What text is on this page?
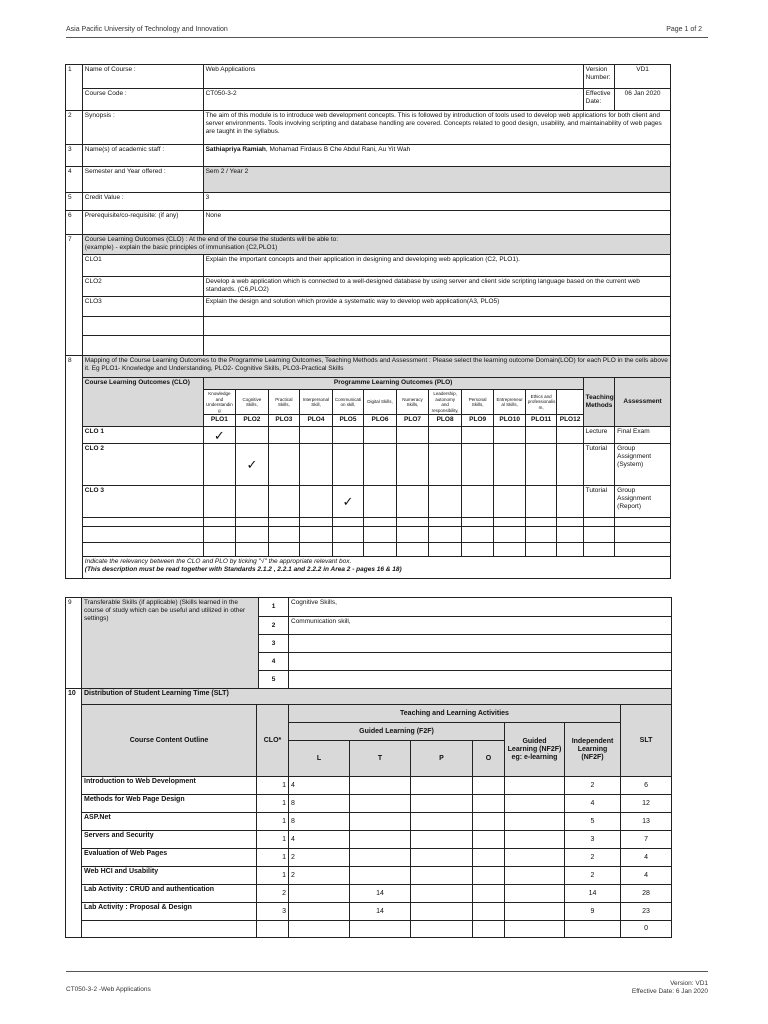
Asia Pacific University of Technology and Innovation	Page 1 of 2
1	Name of Course :	Web Applications												Version Number:	VD1
	Course Code :	CT050-3-2												Effective Date:	06 Jan 2020
2	Synopsis :	The aim of this module is to introduce web development concepts. This is followed by introduction of tools used to develop web applications for both client and server environments. Tools involving scripting and database handling are covered. Concepts related to good design, usability, and maintainability of web pages are taught in the syllabus.													
3	Name(s) of academic staff :	Sathiapriya Ramiah, Mohamad Firdaus B Che Abdul Rani, Au Yit Wah													
4	Semester and Year offered :	Sem 2 / Year 2													
5	Credit Value :	3													
6	Prerequisite/co-requisite: (if any)	None													
7	Course Learning Outcomes (CLO) : At the end of the course the students will be able to:
(example) - explain the basic principles of immunisation (C2,PLO1)														

	CLO1	Explain the important concepts and their application in designing and developing web application (C2, PLO1).													
	CLO2	Develop a web application which is connected to a well-designed database by using server and client side scripting language based on the current web standards. (C6,PLO2)													
	CLO3	Explain the design and solution which provide a systematic way to develop web application(A3, PLO5)													

8	Mapping of the Course Learning Outcomes to the Programme Learning Outcomes, Teaching Methods and Assessment : Please select the learning outcome Domain(LOD) for each PLO in the cells above it. Eg PLO1- Knowledge and Understanding, PLO2- Cognitive Skills, PLO3-Practical Skills														
	Course Learning Outcomes (CLO)	Programme Learning Outcomes (PLO)												Teaching Methods	Assessment
		Knowledge and Understandin g	Cognitive Skills,	Practical Skills,	Interpersonal Skill,	Communicati on skill,	Digital Skills,	Numeracy Skills,	Leadership, autonomy and responsibility,	Personal Skills,	Entrepreneur al Skills,	Ethics and professionalis m,			
		PLO1	PLO2	PLO3	PLO4	PLO5	PLO6	PLO7	PLO8	PLO9	PLO10	PLO11	PLO12		
	CLO 1	✓												Lecture	Final Exam
	CLO 2		✓											Tutorial	Group Assignment (System)
	CLO 3					✓								Tutorial	Group Assignment (Report)

	Indicate the relevancy between the CLO and PLO by ticking "√" the appropriate relevant box.
(This description must be read together with Standards 2.1.2 , 2.2.1 and 2.2.2 in Area 2 - pages 16 & 18)														
9	Transferable Skills (if applicable) (Skills learned in the course of study which can be useful and utilized in other settings)	1	Cognitive Skills,
		2	Communication skill,
		3	
		4	
		5	
10	Distribution of Student Learning Time (SLT)								
	Course Content Outline	CLO*	Teaching and Learning Activities						SLT
			Guided Learning (F2F)				Guided Learning (NF2F) eg: e-learning	Independent Learning (NF2F)	
			L	T	P	O			
	Introduction to Web Development	1	4					2	6
	Methods for Web Page Design	1	8					4	12
	ASP.Net	1	8					5	13
	Servers and Security	1	4					3	7
	Evaluation of Web Pages	1	2					2	4
	Web HCI and Usability	1	2					2	4
	Lab Activity : CRUD and authentication	2		14				14	28
	Lab Activity : Proposal & Design	3		14				9	23
									0
CT050-3-2 -Web Applications
Version: VD1
Effective Date: 6 Jan 2020
